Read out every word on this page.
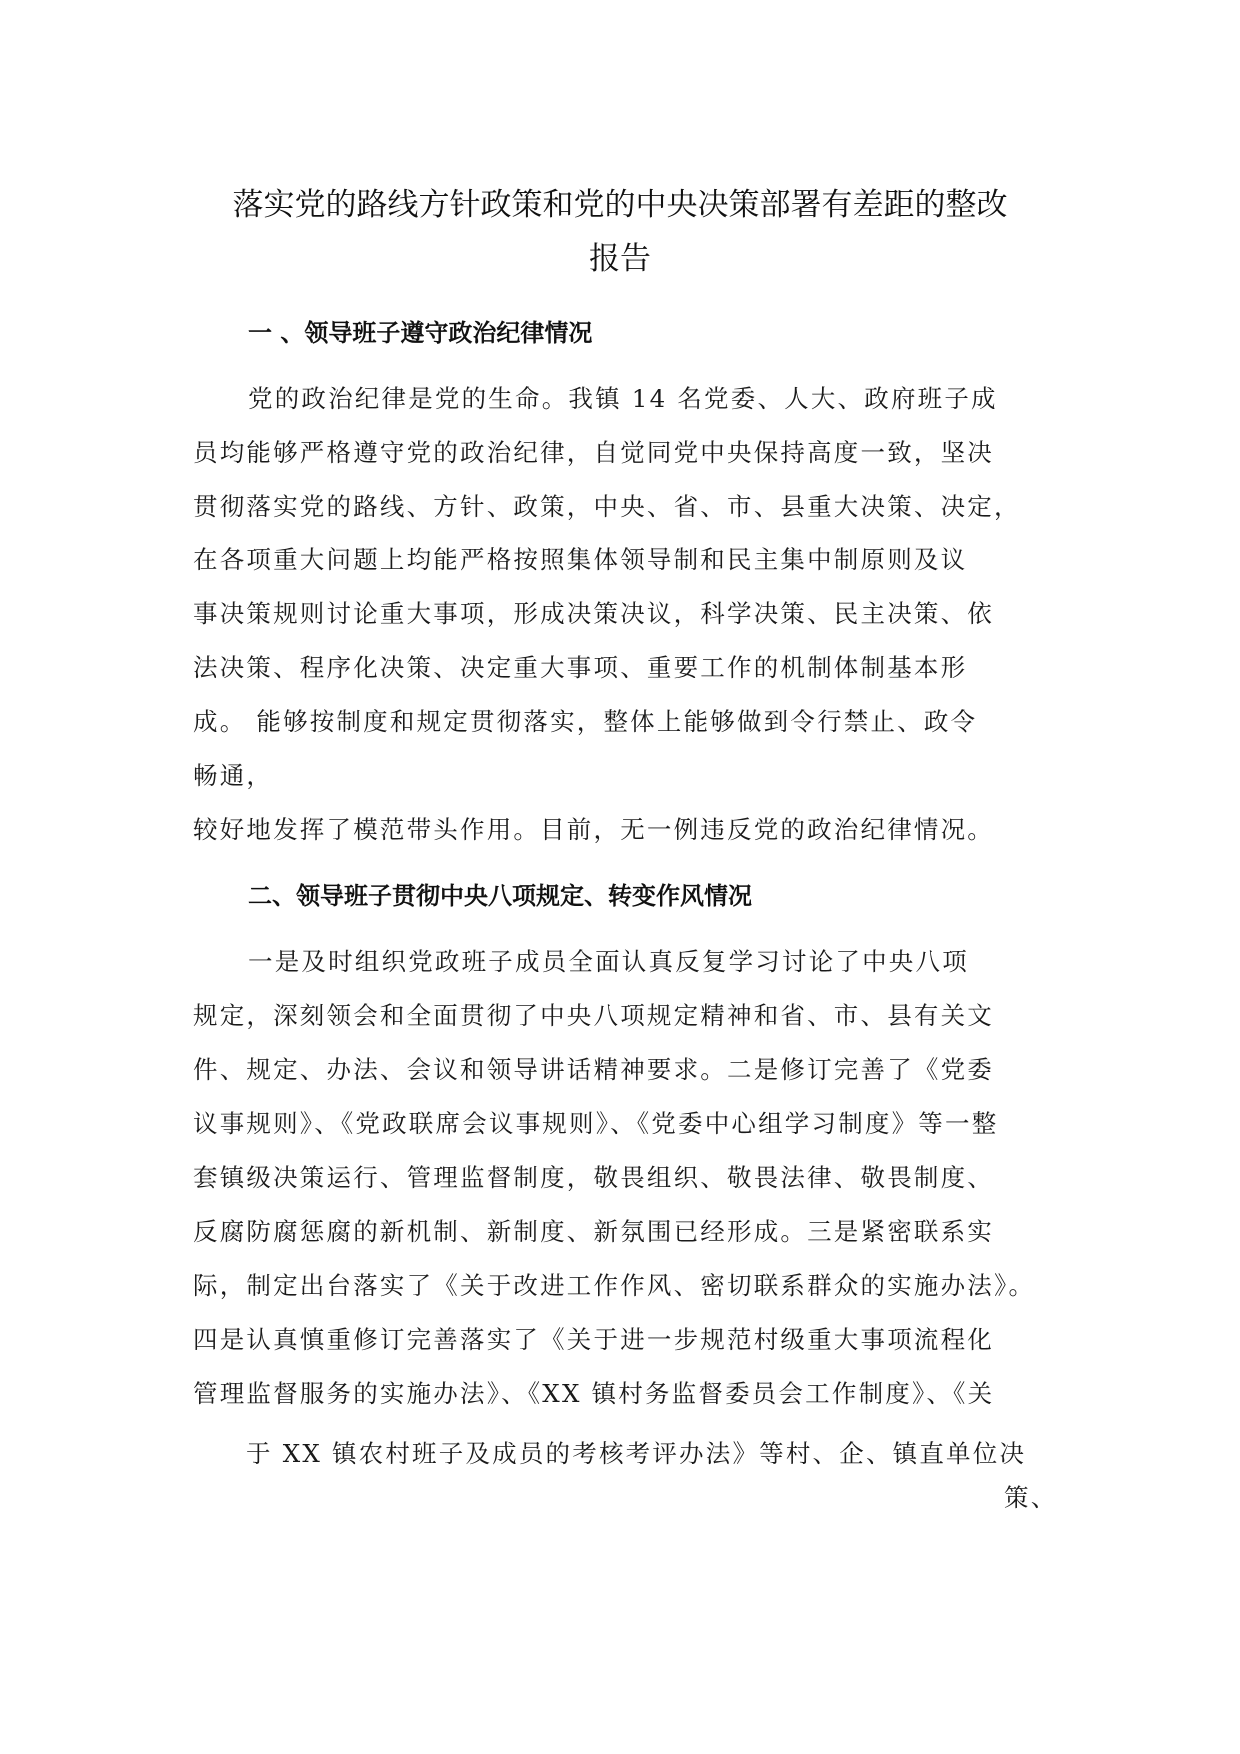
落实党的路线方针政策和党的中央决策部署有差距的整改
报告
一 、领导班子遵守政治纪律情况
党的政治纪律是党的生命。我镇 14 名党委、人大、政府班子成
员均能够严格遵守党的政治纪律，自觉同党中央保持高度一致，坚决
贯彻落实党的路线、方针、政策，中央、省、市、县重大决策、决定，
在各项重大问题上均能严格按照集体领导制和民主集中制原则及议
事决策规则讨论重大事项，形成决策决议，科学决策、民主决策、依
法决策、程序化决策、决定重大事项、重要工作的机制体制基本形
成。 能够按制度和规定贯彻落实，整体上能够做到令行禁止、政令
畅通，
较好地发挥了模范带头作用。目前，无一例违反党的政治纪律情况。
二、领导班子贯彻中央八项规定、转变作风情况
一是及时组织党政班子成员全面认真反复学习讨论了中央八项
规定，深刻领会和全面贯彻了中央八项规定精神和省、市、县有关文
件、规定、办法、会议和领导讲话精神要求。二是修订完善了《党委
议事规则》、《党政联席会议事规则》、《党委中心组学习制度》等一整
套镇级决策运行、管理监督制度，敬畏组织、敬畏法律、敬畏制度、
反腐防腐惩腐的新机制、新制度、新氛围已经形成。三是紧密联系实
际，制定出台落实了《关于改进工作作风、密切联系群众的实施办法》。
四是认真慎重修订完善落实了《关于进一步规范村级重大事项流程化
管理监督服务的实施办法》、《XX 镇村务监督委员会工作制度》、《关
于 XX 镇农村班子及成员的考核考评办法》等村、企、镇直单位决
策、
